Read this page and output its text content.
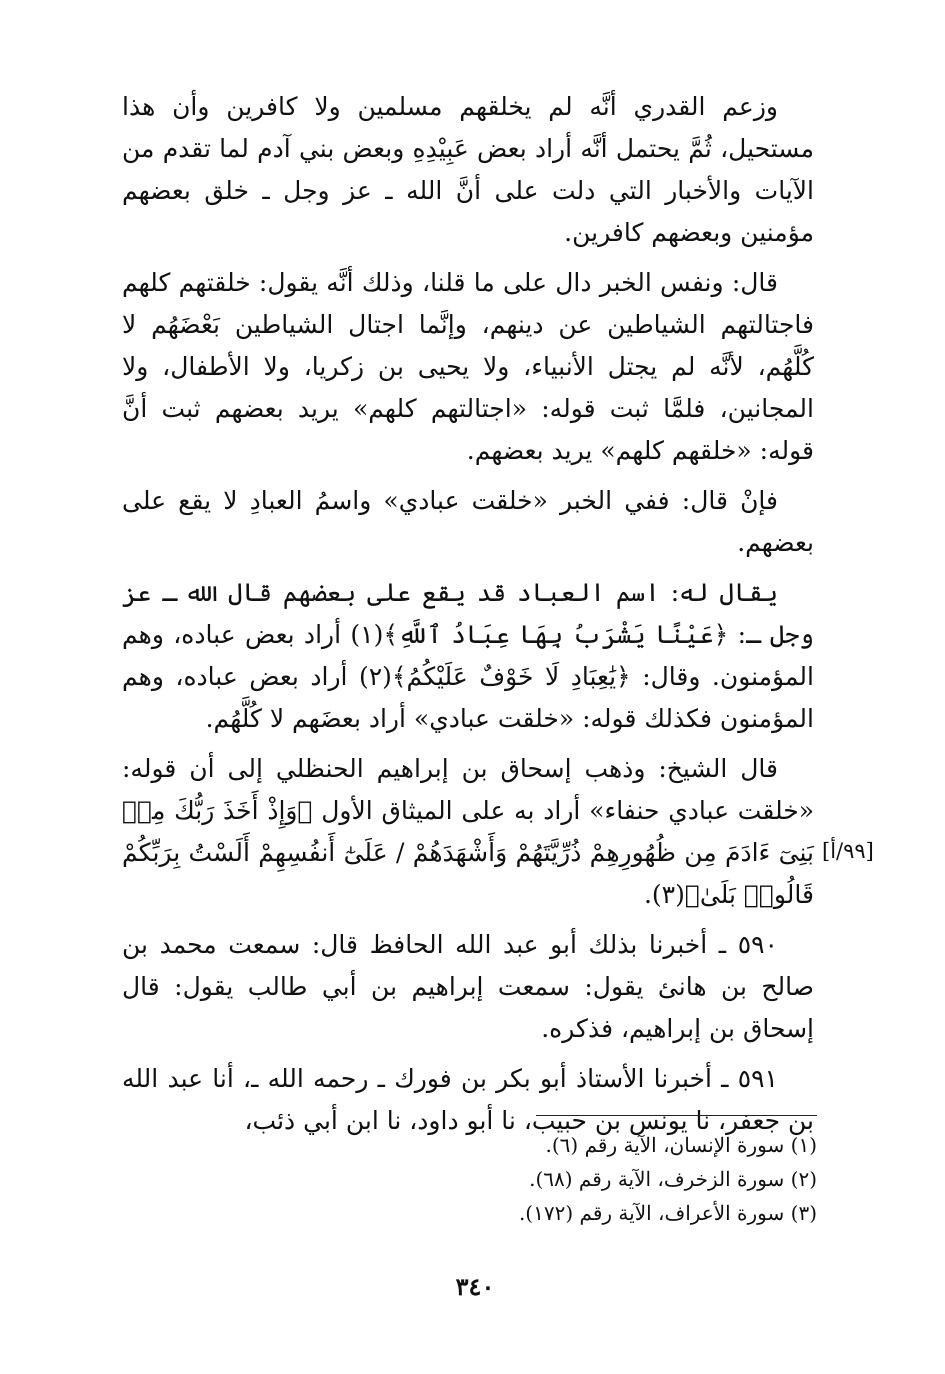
وزعم القدري أنَّه لم يخلقهم مسلمين ولا كافرين وأن هذا مستحيل، ثُمَّ يحتمل أنَّه أراد بعض عَبِيْدِهِ وبعض بني آدم لما تقدم من الآيات والأخبار التي دلت على أنَّ الله ـ عز وجل ـ خلق بعضهم مؤمنين وبعضهم كافرين.

قال: ونفس الخبر دال على ما قلنا، وذلك أنَّه يقول: خلقتهم كلهم فاجتالتهم الشياطين عن دينهم، وإنَّما اجتال الشياطين بَعْضَهُم لا كُلَّهُم، لأنَّه لم يجتل الأنبياء، ولا يحيى بن زكريا، ولا الأطفال، ولا المجانين، فلمَّا ثبت قوله: «اجتالتهم كلهم» يريد بعضهم ثبت أنَّ قوله: «خلقهم كلهم» يريد بعضهم.

فإنْ قال: ففي الخبر «خلقت عبادي» واسمُ العبادِ لا يقع على بعضهم.

يقال له: اسم العباد قد يقع على بعضهم قال الله ـ عز وجل ـ: ﴿عَيْنًا يَشْرَبُ بِهَا عِبَادُ ٱللَّهِ﴾(١) أراد بعض عباده، وهم المؤمنون. وقال: ﴿يَٰعِبَادِ لَا خَوْفٌ عَلَيْكُمُ﴾(٢) أراد بعض عباده، وهم المؤمنون فكذلك قوله: «خلقت عبادي» أراد بعضَهم لا كُلَّهُم.

قال الشيخ: وذهب إسحاق بن إبراهيم الحنظلي إلى أن قوله: «خلقت عبادي حنفاء» أراد به على الميثاق الأول ﴿وَإِذْ أَخَذَ رَبُّكَ مِنۢ بَنِىٓ ءَادَمَ مِن ظُهُورِهِمْ ذُرِّيَّتَهُمْ وَأَشْهَدَهُمْ / عَلَىٰٓ أَنفُسِهِمْ أَلَسْتُ بِرَبِّكُمْ قَالُوا۟ بَلَىٰ﴾(٣).

٥٩٠ ـ أخبرنا بذلك أبو عبد الله الحافظ قال: سمعت محمد بن صالح بن هانئ يقول: سمعت إبراهيم بن أبي طالب يقول: قال إسحاق بن إبراهيم، فذكره.

٥٩١ ـ أخبرنا الأستاذ أبو بكر بن فورك ـ رحمه الله ـ، أنا عبد الله بن جعفر، نا يونس بن حبيب، نا أبو داود، نا ابن أبي ذئب،

[٩٩/أ]

(١) سورة الإنسان، الآية رقم (٦).

(٢) سورة الزخرف، الآية رقم (٦٨).

(٣) سورة الأعراف، الآية رقم (١٧٢).

٣٤٠
